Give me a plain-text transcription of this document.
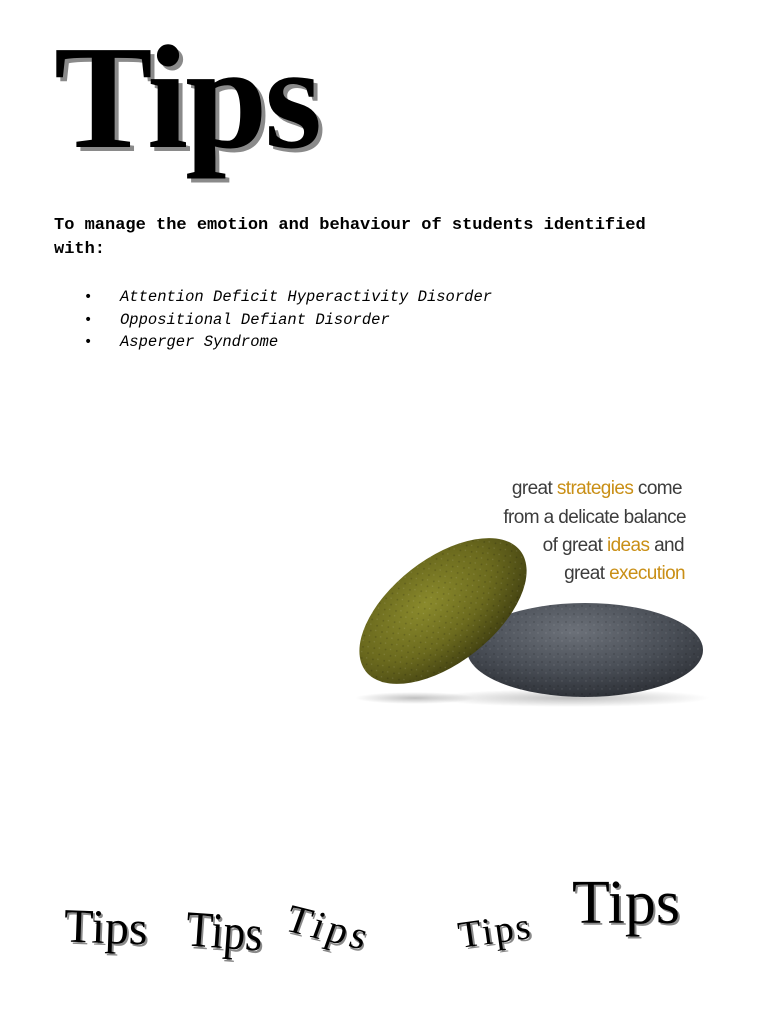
Tips

To manage the emotion and behaviour of students identified with:

• Attention Deficit Hyperactivity Disorder
• Oppositional Defiant Disorder
• Asperger Syndrome
great strategies come
from a delicate balance
of great ideas and
great execution
Tips Tips Tips Tips Tips
